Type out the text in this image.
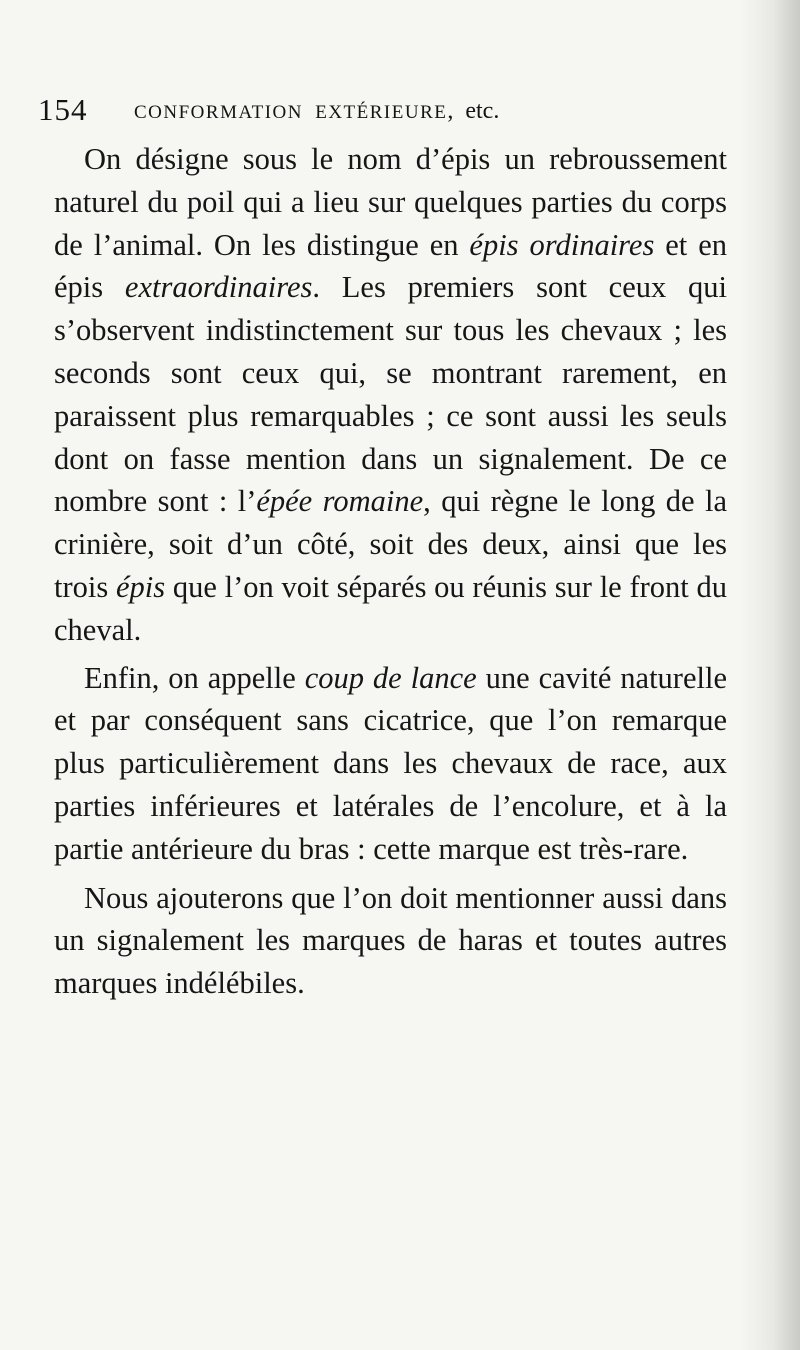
154 CONFORMATION EXTÉRIEURE, etc.

On désigne sous le nom d’épis un rebroussement naturel du poil qui a lieu sur quelques parties du corps de l’animal. On les distingue en épis ordinaires et en épis extraordinaires. Les premiers sont ceux qui s’observent indistinctement sur tous les chevaux ; les seconds sont ceux qui, se montrant rarement, en paraissent plus remarquables ; ce sont aussi les seuls dont on fasse mention dans un signalement. De ce nombre sont : l’épée romaine, qui règne le long de la crinière, soit d’un côté, soit des deux, ainsi que les trois épis que l’on voit séparés ou réunis sur le front du cheval.

Enfin, on appelle coup de lance une cavité naturelle et par conséquent sans cicatrice, que l’on remarque plus particulièrement dans les chevaux de race, aux parties inférieures et latérales de l’encolure, et à la partie antérieure du bras : cette marque est très-rare.

Nous ajouterons que l’on doit mentionner aussi dans un signalement les marques de haras et toutes autres marques indélébiles.
